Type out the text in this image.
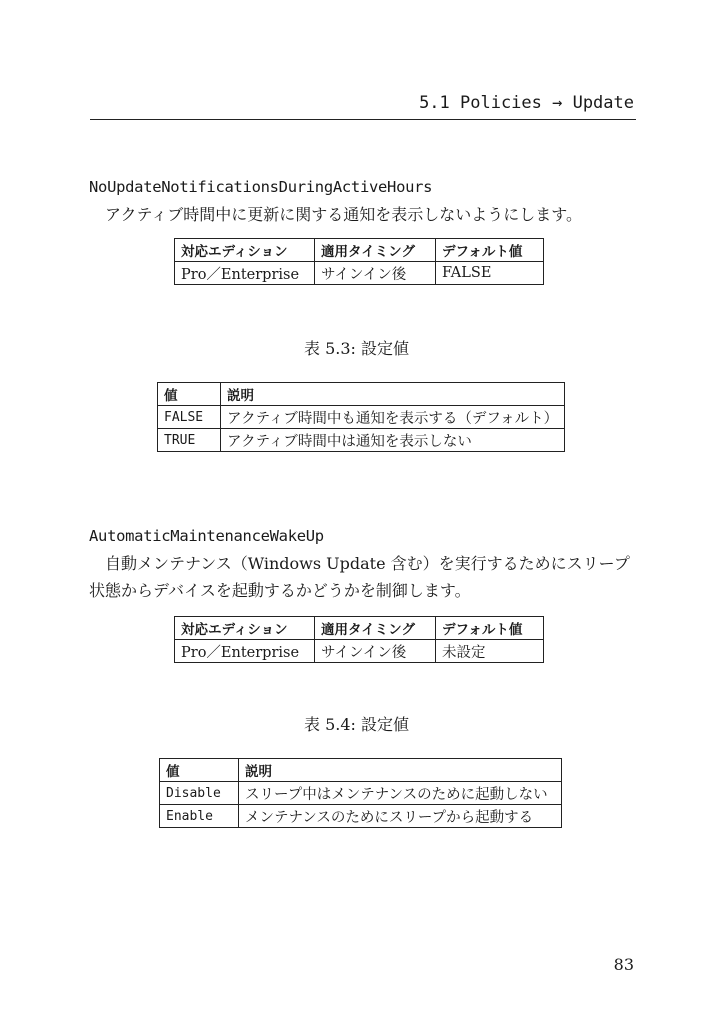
5.1 Policies → Update
NoUpdateNotificationsDuringActiveHours
アクティブ時間中に更新に関する通知を表示しないようにします。
対応エディション	適用タイミング	デフォルト値
Pro／Enterprise	サインイン後	FALSE
表 5.3: 設定値
値	説明
FALSE	アクティブ時間中も通知を表示する（デフォルト）
TRUE	アクティブ時間中は通知を表示しない
AutomaticMaintenanceWakeUp
自動メンテナンス（Windows Update 含む）を実行するためにスリープ状態からデバイスを起動するかどうかを制御します。
対応エディション	適用タイミング	デフォルト値
Pro／Enterprise	サインイン後	未設定
表 5.4: 設定値
値	説明
Disable	スリープ中はメンテナンスのために起動しない
Enable	メンテナンスのためにスリープから起動する
83
